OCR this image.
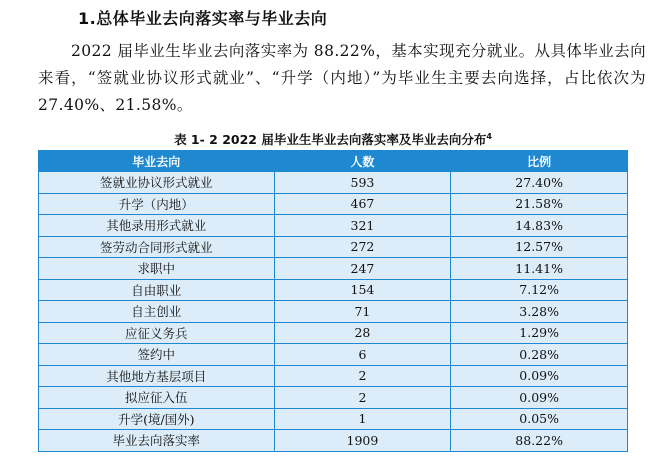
1.总体毕业去向落实率与毕业去向

2022 届毕业生毕业去向落实率为 88.22%，基本实现充分就业。从具体毕业去向来看，“签就业协议形式就业”、“升学（内地）”为毕业生主要去向选择，占比依次为 27.40%、21.58%。

表 1- 2 2022 届毕业生毕业去向落实率及毕业去向分布$^4$
毕业去向	人数	比例
签就业协议形式就业	593	27.40%
升学（内地）	467	21.58%
其他录用形式就业	321	14.83%
签劳动合同形式就业	272	12.57%
求职中	247	11.41%
自由职业	154	7.12%
自主创业	71	3.28%
应征义务兵	28	1.29%
签约中	6	0.28%
其他地方基层项目	2	0.09%
拟应征入伍	2	0.09%
升学(境/国外)	1	0.05%
毕业去向落实率	1909	88.22%
